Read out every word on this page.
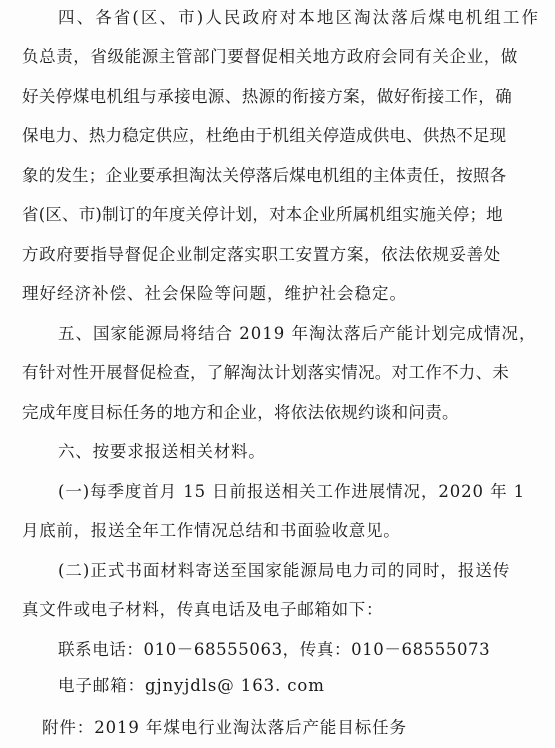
四、各省(区、市)人民政府对本地区淘汰落后煤电机组工作
负总责，省级能源主管部门要督促相关地方政府会同有关企业，做
好关停煤电机组与承接电源、热源的衔接方案，做好衔接工作，确
保电力、热力稳定供应，杜绝由于机组关停造成供电、供热不足现
象的发生；企业要承担淘汰关停落后煤电机组的主体责任，按照各
省(区、市)制订的年度关停计划，对本企业所属机组实施关停；地
方政府要指导督促企业制定落实职工安置方案，依法依规妥善处
理好经济补偿、社会保险等问题，维护社会稳定。
五、国家能源局将结合 2019 年淘汰落后产能计划完成情况，
有针对性开展督促检查，了解淘汰计划落实情况。对工作不力、未
完成年度目标任务的地方和企业，将依法依规约谈和问责。
六、按要求报送相关材料。
(一)每季度首月 15 日前报送相关工作进展情况，2020 年 1
月底前，报送全年工作情况总结和书面验收意见。
(二)正式书面材料寄送至国家能源局电力司的同时，报送传
真文件或电子材料，传真电话及电子邮箱如下：
联系电话：010－68555063，传真：010－68555073
电子邮箱：gjnyjdls@ 163. com
附件：2019 年煤电行业淘汰落后产能目标任务
